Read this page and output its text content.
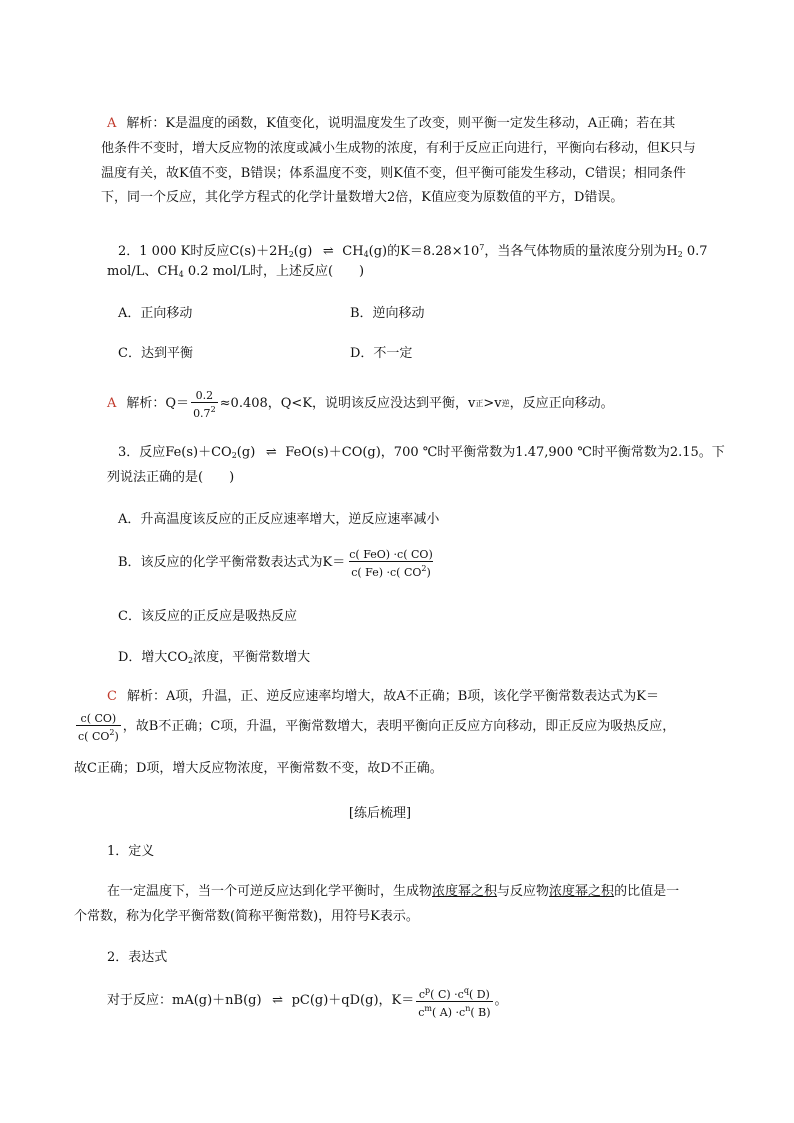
A 解析：K是温度的函数，K值变化，说明温度发生了改变，则平衡一定发生移动，A正确；若在其
他条件不变时，增大反应物的浓度或减小生成物的浓度，有利于反应正向进行，平衡向右移动，但K只与
温度有关，故K值不变，B错误；体系温度不变，则K值不变，但平衡可能发生移动，C错误；相同条件
下，同一个反应，其化学方程式的化学计量数增大2倍，K值应变为原数值的平方，D错误。
2．1 000 K时反应$C(s)+2H_2(g)$ ⇌ $CH_4(g)$的$K=8.28\times 10^7$，当各气体物质的量浓度分别为$H_2$ 0.7
mol/L、$CH_4$ 0.2 mol/L时，上述反应(　　)
A．正向移动	B．逆向移动
C．达到平衡	D．不一定
A 解析：$Q= \frac{0.2}{0.7^2} \approx 0.408$，Q<K，说明该反应没达到平衡，v 正 >v 逆 ，反应正向移动。
3．反应$Fe(s)+CO_2(g)$ ⇌ FeO(s)＋CO(g)，700 ℃时平衡常数为1.47,900 ℃时平衡常数为2.15。下
列说法正确的是(　　)
A．升高温度该反应的正反应速率增大，逆反应速率减小
B．该反应的化学平衡常数表达式为$K= \frac{\text{c( FeO) ·c( CO)}}{c( Fe) \cdot c( CO^2)}$
C．该反应的正反应是吸热反应
D．增大$CO_2$浓度，平衡常数增大
C 解析：A项，升温，正、逆反应速率均增大，故A不正确；B项，该化学平衡常数表达式为K＝
$\frac{c( CO)}{c( CO^2)}$ ，故B不正确；C项，升温，平衡常数增大，表明平衡向正反应方向移动，即正反应为吸热反应，
故C正确；D项，增大反应物浓度，平衡常数不变，故D不正确。
[练后梳理]
1．定义
在一定温度下，当一个可逆反应达到化学平衡时，生成物浓度幂之积与反应物浓度幂之积的比值是一
个常数，称为化学平衡常数(简称平衡常数)，用符号K表示。
2．表达式
对于反应：mA(g)＋nB(g) ⇌ pC(g)＋qD(g)，$K= \frac{c^p( C) \cdot c^q( D)}{c^m( A) \cdot c^n( B)}$ 。
